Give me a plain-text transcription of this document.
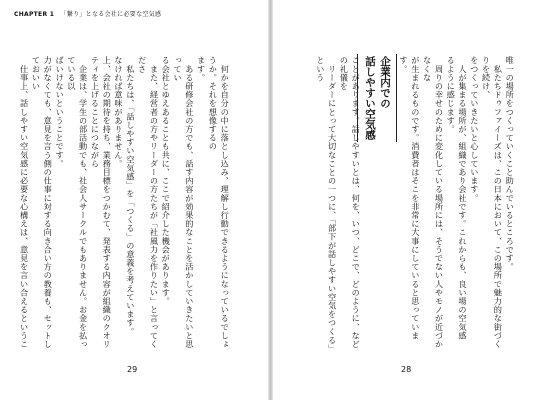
CHAPTER 1 「繋り」となる会社に必要な空気感

　何かを自分の中に落とし込み、理解し行動できるようになっているでしょうか。それを想像するの
ます。
　ある研修会社の方でも、話す内容が効果的なことを活かしていきたいと思ってい
る会社とゆえあることも共に、ここで紹介した機会があります。
　また、経営者の方やリーダーの方たちが「社風力を作りたい」と言ってくださ
　私たちは、「話しやすい空気感」を「つくる」の意義を考えています。
なければ意味がありません。
上、会社の期待を持ち、業務目標をつかむて、発表する内容が組織のクオリティを上げることにつながら
　企業は、学生の部活動でも、社会人サークルでもありません。お金を払っている以
ばいけないということです。
力がなくても、意見を言う側の仕事に対する向き合い方の教養も、セットしておいい
　仕事上、話しやすい空気感に必要な心構えは、意見を言い合えるというこ

29

ことがあります。話しやすいとは、何を、いつ、どこで、どのように、などの礼儀を
　リーダーにとって大切なことの一つに、「部下が話しやすい空気をつくる」という	企業内での
話しやすい空気感	唯一の場所をつくっていくこと助んでいるところです。
　私たちドゥファイーズは、この日本において、この場所で魅力的な街づくりを続け、
をつくっていきたいと心しています。
　人が集まる場所が、組織であり会社です。これからも、良い場の空気感
るように感じます。
　周りの幸せのために変化している場所には、そうでない人やモノが近づかなくな
が生まれるものです。消費者はそこを非常に大事にしていると思っています。

28
